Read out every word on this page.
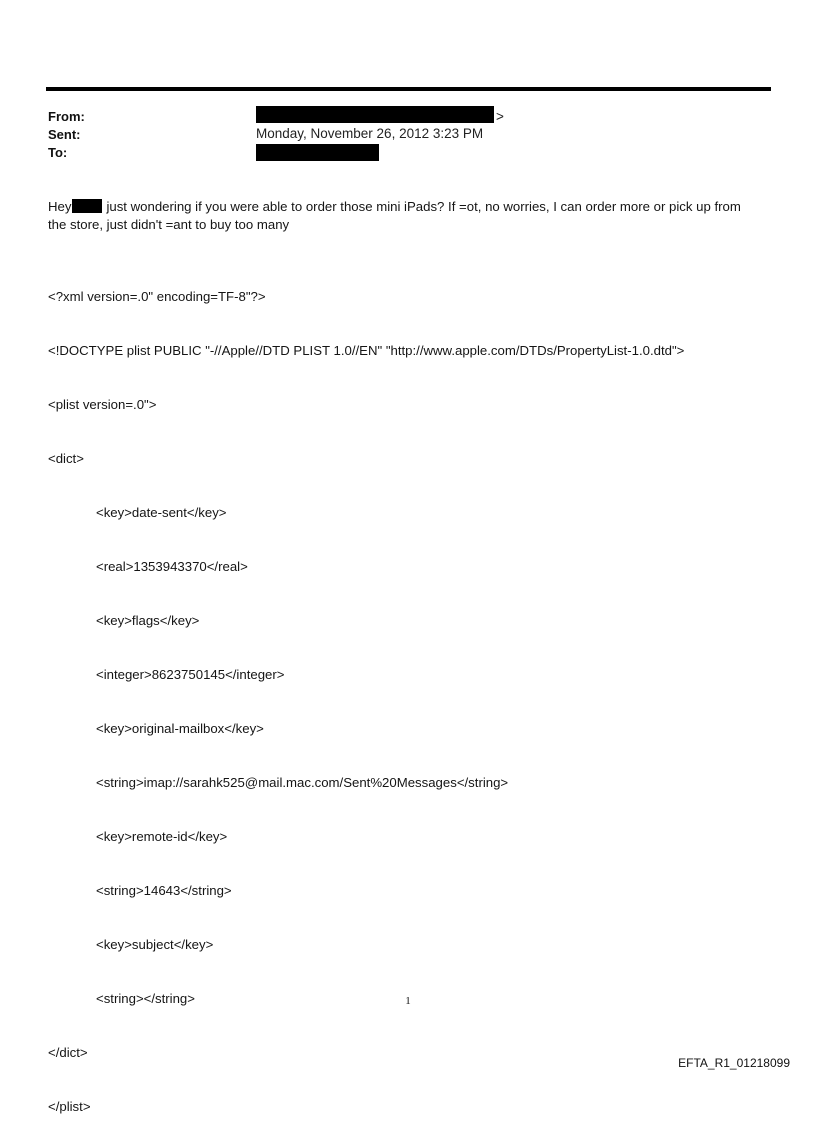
From:	>
Sent:	Monday, November 26, 2012 3:23 PM
To:
Hey	just wondering if you were able to order those mini iPads? If =ot, no worries, I can order more or pick up from
the store, just didn't =ant to buy too many

<?xml version=.0" encoding=TF-8"?>

<!DOCTYPE plist PUBLIC "-//Apple//DTD PLIST 1.0//EN" "http://www.apple.com/DTDs/PropertyList-1.0.dtd">

<plist version=.0">

<dict>

<key>date-sent</key>

<real>1353943370</real>

<key>flags</key>

<integer>8623750145</integer>

<key>original-mailbox</key>

<string>imap://sarahk525@mail.mac.com/Sent%20Messages</string>

<key>remote-id</key>

<string>14643</string>

<key>subject</key>

<string></string>

</dict>

</plist>

1
EFTA_R1_01218099
